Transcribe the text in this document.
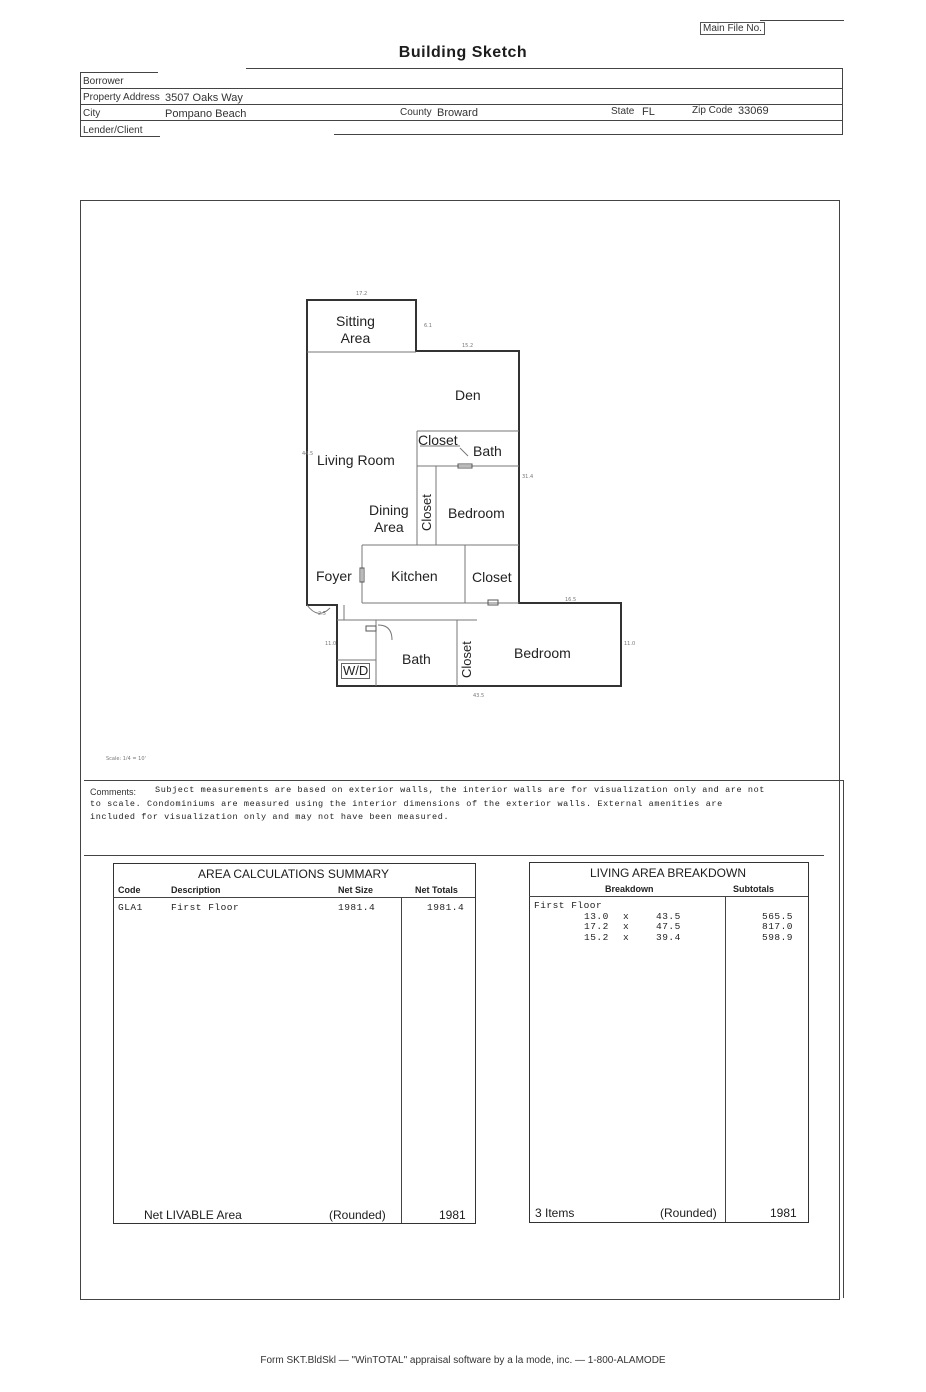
Main File No.
Building Sketch
Borrower
Property Address 3507 Oaks Way
City	Pompano Beach	County Broward	State FL	Zip Code 33069
Lender/Client
17.2
15.2
6.1
31.4
16.5
11.0
43.5
11.0
44.5
2.5
Scale: 1/4 = 10'
Sitting
Area
Den
Closet
Bath
Living Room
Dining
Area	Closet Bedroom
Foyer	Kitchen Closet
W/D
Bath Closet	Bedroom
Comments: Subject measurements are based on exterior walls, the interior walls are for visualization only and are not
to scale. Condominiums are measured using the interior dimensions of the exterior walls. External amenities are
included for visualization only and may not have been measured.
AREA CALCULATIONS SUMMARY
Code	Description	Net Size	Net Totals
GLA1	First Floor	1981.4	1981.4
Net LIVABLE Area	(Rounded)	1981
LIVING AREA BREAKDOWN
Breakdown	Subtotals
First Floor
13.0 x	43.5	565.5
17.2 x	47.5	817.0
15.2 x	39.4	598.9
3 Items	(Rounded)	1981
Form SKT.BldSkl — "WinTOTAL" appraisal software by a la mode, inc. — 1-800-ALAMODE
